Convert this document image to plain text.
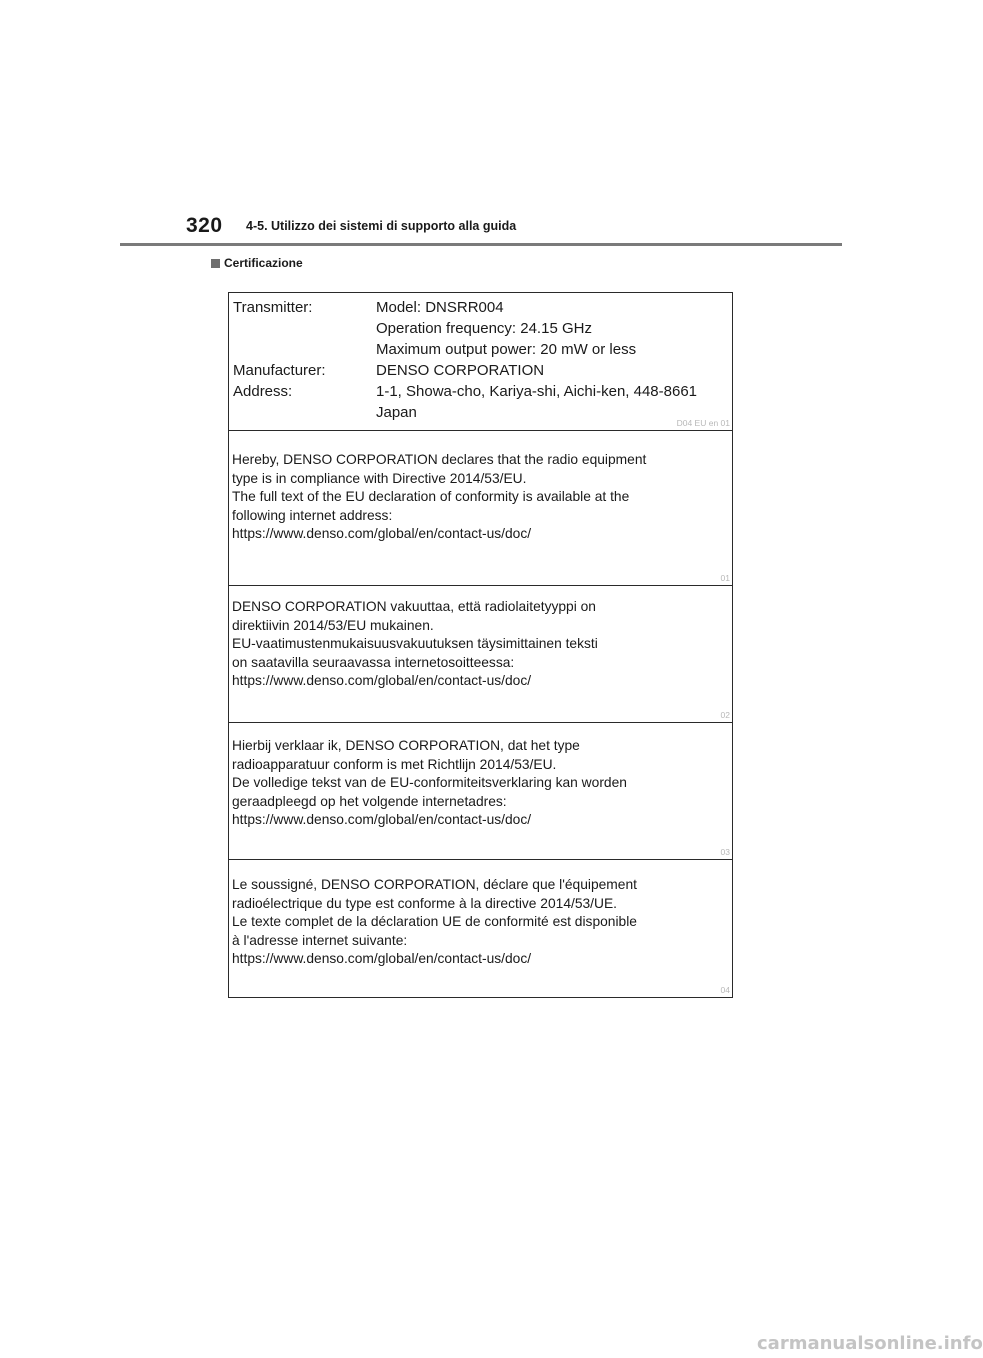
320 4-5. Utilizzo dei sistemi di supporto alla guida
Certificazione
Transmitter:	Model: DNSRR004
Operation frequency: 24.15 GHz
Maximum output power: 20 mW or less
Manufacturer:	DENSO CORPORATION
Address:	1-1, Showa-cho, Kariya-shi, Aichi-ken, 448-8661
Japan
D04 EU en 01
Hereby, DENSO CORPORATION declares that the radio equipment
type is in compliance with Directive 2014/53/EU.
The full text of the EU declaration of conformity is available at the
following internet address:
https://www.denso.com/global/en/contact-us/doc/
01
DENSO CORPORATION vakuuttaa, että radiolaitetyyppi on
direktiivin 2014/53/EU mukainen.
EU-vaatimustenmukaisuusvakuutuksen täysimittainen teksti
on saatavilla seuraavassa internetosoitteessa:
https://www.denso.com/global/en/contact-us/doc/
02
Hierbij verklaar ik, DENSO CORPORATION, dat het type
radioapparatuur conform is met Richtlijn 2014/53/EU.
De volledige tekst van de EU-conformiteitsverklaring kan worden
geraadpleegd op het volgende internetadres:
https://www.denso.com/global/en/contact-us/doc/
03
Le soussigné, DENSO CORPORATION, déclare que l'équipement
radioélectrique du type est conforme à la directive 2014/53/UE.
Le texte complet de la déclaration UE de conformité est disponible
à l'adresse internet suivante:
https://www.denso.com/global/en/contact-us/doc/
04
carmanualsonline.info
